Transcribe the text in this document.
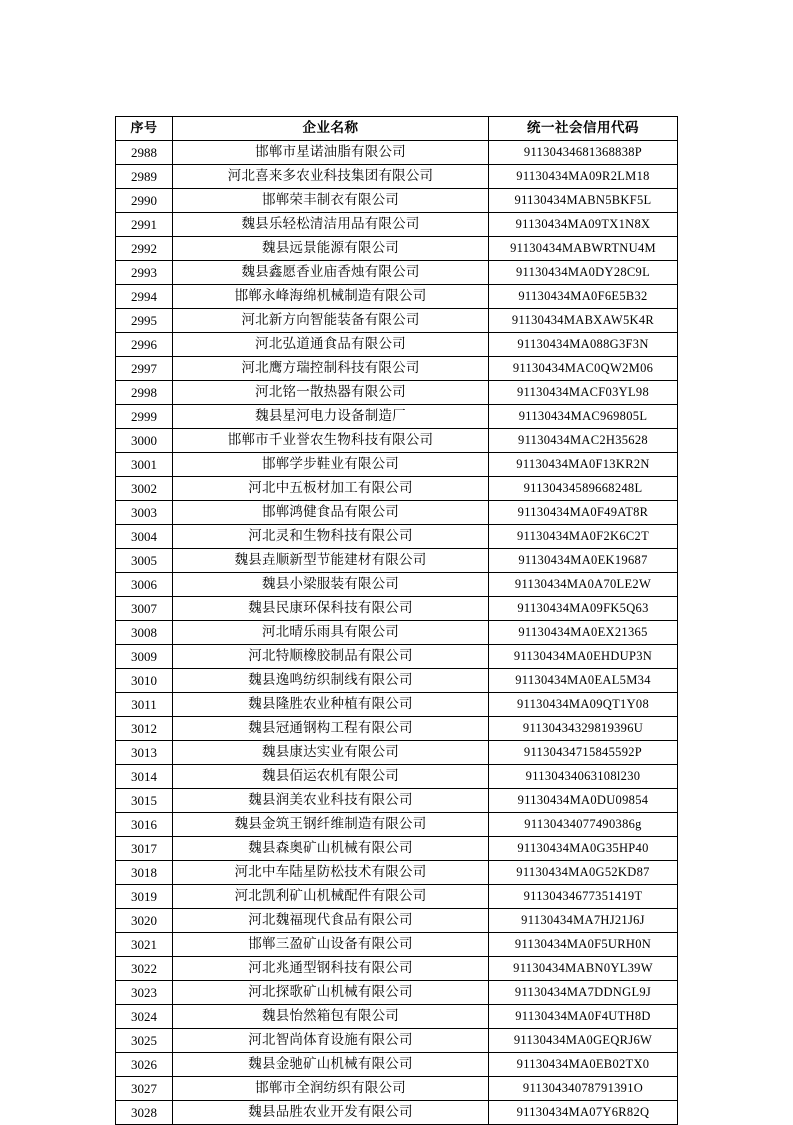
序号	企业名称	统一社会信用代码
2988	邯郸市星诺油脂有限公司	91130434681368838P
2989	河北喜来多农业科技集团有限公司	91130434MA09R2LM18
2990	邯郸荣丰制衣有限公司	91130434MABN5BKF5L
2991	魏县乐轻松清洁用品有限公司	91130434MA09TX1N8X
2992	魏县远景能源有限公司	91130434MABWRTNU4M
2993	魏县鑫愿香业庙香烛有限公司	91130434MA0DY28C9L
2994	邯郸永峰海绵机械制造有限公司	91130434MA0F6E5B32
2995	河北新方向智能装备有限公司	91130434MABXAW5K4R
2996	河北弘道通食品有限公司	91130434MA088G3F3N
2997	河北鹰方瑞控制科技有限公司	91130434MAC0QW2M06
2998	河北铭一散热器有限公司	91130434MACF03YL98
2999	魏县星河电力设备制造厂	91130434MAC969805L
3000	邯郸市千业誉农生物科技有限公司	91130434MAC2H35628
3001	邯郸学步鞋业有限公司	91130434MA0F13KR2N
3002	河北中五板材加工有限公司	91130434589668248L
3003	邯郸鸿健食品有限公司	91130434MA0F49AT8R
3004	河北灵和生物科技有限公司	91130434MA0F2K6C2T
3005	魏县垚顺新型节能建材有限公司	91130434MA0EK19687
3006	魏县小梁服装有限公司	91130434MA0A70LE2W
3007	魏县民康环保科技有限公司	91130434MA09FK5Q63
3008	河北晴乐雨具有限公司	91130434MA0EX21365
3009	河北特顺橡胶制品有限公司	91130434MA0EHDUP3N
3010	魏县逸鸣纺织制线有限公司	91130434MA0EAL5M34
3011	魏县隆胜农业种植有限公司	91130434MA09QT1Y08
3012	魏县冠通钢构工程有限公司	91130434329819396U
3013	魏县康达实业有限公司	91130434715845592P
3014	魏县佰运农机有限公司	91130434063108l230
3015	魏县润美农业科技有限公司	91130434MA0DU09854
3016	魏县金筑王钢纤维制造有限公司	91130434077490386g
3017	魏县森奥矿山机械有限公司	91130434MA0G35HP40
3018	河北中车陆星防松技术有限公司	91130434MA0G52KD87
3019	河北凯利矿山机械配件有限公司	91130434677351419T
3020	河北魏福现代食品有限公司	91130434MA7HJ21J6J
3021	邯郸三盈矿山设备有限公司	91130434MA0F5URH0N
3022	河北兆通型钢科技有限公司	91130434MABN0YL39W
3023	河北探歌矿山机械有限公司	91130434MA7DDNGL9J
3024	魏县怡然箱包有限公司	91130434MA0F4UTH8D
3025	河北智尚体育设施有限公司	91130434MA0GEQRJ6W
3026	魏县金驰矿山机械有限公司	91130434MA0EB02TX0
3027	邯郸市全润纺织有限公司	91130434078791391O
3028	魏县品胜农业开发有限公司	91130434MA07Y6R82Q
